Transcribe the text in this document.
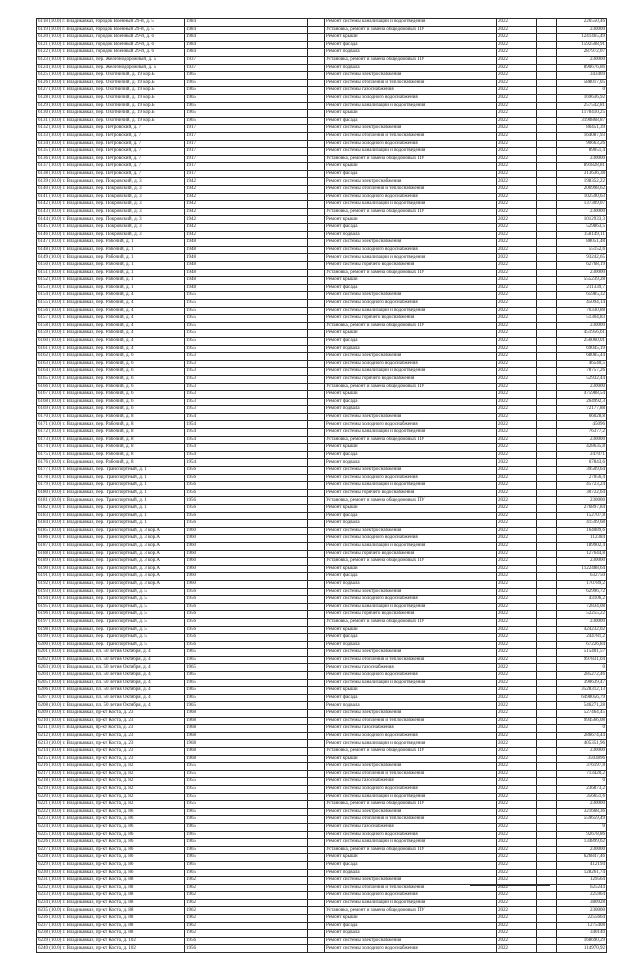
6118 (10.0) г. Владикавказ, городок Военный 29-й, д. 5	1984		Ремонт системы канализации и водоотведения	2022		226550,46
6119 (10.0) г. Владикавказ, городок Военный 29-й, д. 5	1984		Установка, ремонт и замена общедомовых ПУ	2022		230000
6120 (10.0) г. Владикавказ, городок Военный 29-й, д. 6	1984		Ремонт крыши	2022		1241465,49
6121 (10.0) г. Владикавказ, городок Военный 29-й, д. 6	1984		Ремонт фасада	2022		1592508,91
6122 (10.0) г. Владикавказ, городок Военный 29-й, д. 6	1984		Ремонт подвала	2022		287972,07
6123 (10.0) г. Владикавказ, пер. Железнодорожный, д. 5	1937		Установка, ремонт и замена общедомовых ПУ	2022		230000
6124 (10.0) г. Владикавказ, пер. Железнодорожный, д. 5	1937		Ремонт подвала	2022		890676,86
6125 (10.0) г. Владикавказ, пер. Охотничий, д. 19 кор.Б	1965		Ремонт системы электроснабжения	2022		343469
6126 (10.0) г. Владикавказ, пер. Охотничий, д. 19 кор.Б	1965		Ремонт системы отопления и теплоснабжения	2022		588017,05
6127 (10.0) г. Владикавказ, пер. Охотничий, д. 19 кор.Б	1965		Ремонт системы газоснабжения	2022		0
6128 (10.0) г. Владикавказ, пер. Охотничий, д. 19 кор.Б	1965		Ремонт системы холодного водоснабжения	2022		169636,92
6129 (10.0) г. Владикавказ, пер. Охотничий, д. 19 кор.Б	1965		Ремонт системы канализации и водоотведения	2022		257542,81
6130 (10.0) г. Владикавказ, пер. Охотничий, д. 19 кор.Б	1965		Ремонт крыши	2022		1178410,25
6131 (10.0) г. Владикавказ, пер. Охотничий, д. 19 кор.Б	1965		Ремонт фасада	2022		3190868,87
6132 (10.0) г. Владикавказ, пер. Петровский, д. 7	1917		Ремонт системы электроснабжения	2022		86451,39
6133 (10.0) г. Владикавказ, пер. Петровский, д. 7	1917		Ремонт системы отопления и теплоснабжения	2022		164087,93
6134 (10.0) г. Владикавказ, пер. Петровский, д. 7	1917		Ремонт системы холодного водоснабжения	2022		90663,26
6135 (10.0) г. Владикавказ, пер. Петровский, д. 7	1917		Ремонт системы канализации и водоотведения	2022		89051,4
6136 (10.0) г. Владикавказ, пер. Петровский, д. 7	1917		Установка, ремонт и замена общедомовых ПУ	2022		230000
6137 (10.0) г. Владикавказ, пер. Петровский, д. 7	1917		Ремонт крыши	2022		891828,81
6138 (10.0) г. Владикавказ, пер. Петровский, д. 7	1917		Ремонт фасада	2022		313636,38
6139 (10.0) г. Владикавказ, пер. Покровский, д. 3	1942		Ремонт системы электроснабжения	2022		198352,22
6140 (10.0) г. Владикавказ, пер. Покровский, д. 3	1942		Ремонт системы отопления и теплоснабжения	2022		206998,62
6141 (10.0) г. Владикавказ, пер. Покровский, д. 3	1942		Ремонт системы холодного водоснабжения	2022		102590,63
6142 (10.0) г. Владикавказ, пер. Покровский, д. 3	1942		Ремонт системы канализации и водоотведения	2022		137309,07
6143 (10.0) г. Владикавказ, пер. Покровский, д. 3	1942		Установка, ремонт и замена общедомовых ПУ	2022		230000
6144 (10.0) г. Владикавказ, пер. Покровский, д. 3	1942		Ремонт крыши	2022		1012933,3
6145 (10.0) г. Владикавказ, пер. Покровский, д. 3	1942		Ремонт фасада	2022		529863,5
6146 (10.0) г. Владикавказ, пер. Покровский, д. 3	1942		Ремонт подвала	2022		158149,11
6147 (10.0) г. Владикавказ, пер. Рабочий, д. 1	1948		Ремонт системы электроснабжения	2022		88051,48
6148 (10.0) г. Владикавказ, пер. Рабочий, д. 1	1948		Ремонт системы холодного водоснабжения	2022		55152,6
6149 (10.0) г. Владикавказ, пер. Рабочий, д. 1	1948		Ремонт системы канализации и водоотведения	2022		93242,65
6150 (10.0) г. Владикавказ, пер. Рабочий, д. 1	1948		Ремонт системы горячего водоснабжения	2022		62768,19
6151 (10.0) г. Владикавказ, пер. Рабочий, д. 1	1948		Установка, ремонт и замена общедомовых ПУ	2022		230000
6152 (10.0) г. Владикавказ, пер. Рабочий, д. 1	1948		Ремонт крыши	2022		555239,28
6153 (10.0) г. Владикавказ, пер. Рабочий, д. 1	1948		Ремонт фасада	2022		211339,7
6154 (10.0) г. Владикавказ, пер. Рабочий, д. 4	1955		Ремонт системы электроснабжения	2022		65985,32
6155 (10.0) г. Владикавказ, пер. Рабочий, д. 4	1955		Ремонт системы холодного водоснабжения	2022		45094,14
6156 (10.0) г. Владикавказ, пер. Рабочий, д. 4	1955		Ремонт системы канализации и водоотведения	2022		76330,88
6157 (10.0) г. Владикавказ, пер. Рабочий, д. 4	1955		Ремонт системы горячего водоснабжения	2022		51304,83
6158 (10.0) г. Владикавказ, пер. Рабочий, д. 4	1955		Установка, ремонт и замена общедомовых ПУ	2022		230000
6159 (10.0) г. Владикавказ, пер. Рабочий, д. 4	1955		Ремонт крыши	2022		451956,61
6160 (10.0) г. Владикавказ, пер. Рабочий, д. 4	1955		Ремонт фасада	2022		256060,01
6161 (10.0) г. Владикавказ, пер. Рабочий, д. 4	1955		Ремонт подвала	2022		69045,19
6162 (10.0) г. Владикавказ, пер. Рабочий, д. 6	1953		Ремонт системы электроснабжения	2022		68085,44
6163 (10.0) г. Владикавказ, пер. Рабочий, д. 6	1953		Ремонт системы холодного водоснабжения	2022		46540,5
6164 (10.0) г. Владикавказ, пер. Рабочий, д. 6	1953		Ремонт системы канализации и водоотведения	2022		78757,26
6165 (10.0) г. Владикавказ, пер. Рабочий, д. 6	1953		Ремонт системы горячего водоснабжения	2022		52932,44
6166 (10.0) г. Владикавказ, пер. Рабочий, д. 6	1953		Установка, ремонт и замена общедомовых ПУ	2022		230000
6167 (10.0) г. Владикавказ, пер. Рабочий, д. 6	1953		Ремонт крыши	2022		475988,54
6168 (10.0) г. Владикавказ, пер. Рабочий, д. 6	1953		Ремонт фасада	2022		264992,3
6169 (10.0) г. Владикавказ, пер. Рабочий, д. 6	1953		Ремонт подвала	2022		72177,88
6170 (10.0) г. Владикавказ, пер. Рабочий, д. 8	1954		Ремонт системы электроснабжения	2022		66028,8
6171 (10.0) г. Владикавказ, пер. Рабочий, д. 8	1954		Ремонт системы холодного водоснабжения	2022		45096
6172 (10.0) г. Владикавказ, пер. Рабочий, д. 8	1954		Ремонт системы канализации и водоотведения	2022		76377,2
6173 (10.0) г. Владикавказ, пер. Рабочий, д. 8	1954		Установка, ремонт и замена общедомовых ПУ	2022		230000
6174 (10.0) г. Владикавказ, пер. Рабочий, д. 8	1954		Ремонт крыши	2022		428635,8
6175 (10.0) г. Владикавказ, пер. Рабочий, д. 8	1954		Ремонт фасада	2022		247071
6176 (10.0) г. Владикавказ, пер. Рабочий, д. 8	1954		Ремонт подвала	2022		67843,6
6177 (10.0) г. Владикавказ, пер. Транспортный, д. 1	1956		Ремонт системы электроснабжения	2022		39509,64
6178 (10.0) г. Владикавказ, пер. Транспортный, д. 1	1956		Ремонт системы холодного водоснабжения	2022		27056,4
6179 (10.0) г. Владикавказ, пер. Транспортный, д. 1	1956		Ремонт системы канализации и водоотведения	2022		45723,24
6180 (10.0) г. Владикавказ, пер. Транспортный, д. 1	1956		Ремонт системы горячего водоснабжения	2022		30722,64
6181 (10.0) г. Владикавказ, пер. Транспортный, д. 1	1956		Установка, ремонт и замена общедомовых ПУ	2022		230000
6182 (10.0) г. Владикавказ, пер. Транспортный, д. 1	1956		Ремонт крыши	2022		276897,84
6183 (10.0) г. Владикавказ, пер. Транспортный, д. 1	1956		Ремонт фасада	2022		152707,8
6184 (10.0) г. Владикавказ, пер. Транспортный, д. 1	1956		Ремонт подвала	2022		41599,68
6185 (10.0) г. Владикавказ, пер. Транспортный, д. 3 кор.А	1960		Ремонт системы электроснабжения	2022		164089,6
6186 (10.0) г. Владикавказ, пер. Транспортный, д. 3 кор.А	1960		Ремонт системы холодного водоснабжения	2022		112384
6187 (10.0) г. Владикавказ, пер. Транспортный, д. 3 кор.А	1960		Ремонт системы канализации и водоотведения	2022		189902,4
6188 (10.0) г. Владикавказ, пер. Транспортный, д. 3 кор.А	1960		Ремонт системы горячего водоснабжения	2022		127644,8
6189 (10.0) г. Владикавказ, пер. Транспортный, д. 3 кор.А	1960		Установка, ремонт и замена общедомовых ПУ	2022		230000
6190 (10.0) г. Владикавказ, пер. Транспортный, д. 3 кор.А	1960		Ремонт крыши	2022		1122488,64
6191 (10.0) г. Владикавказ, пер. Транспортный, д. 3 кор.А	1960		Ремонт фасада	2022		632750
6192 (10.0) г. Владикавказ, пер. Транспортный, д. 3 кор.А	1960		Ремонт подвала	2022		170789,2
6193 (10.0) г. Владикавказ, пер. Транспортный, д. 5	1956		Ремонт системы электроснабжения	2022		62996,72
6194 (10.0) г. Владикавказ, пер. Транспортный, д. 5	1956		Ремонт системы холодного водоснабжения	2022		43106,2
6195 (10.0) г. Владикавказ, пер. Транспортный, д. 5	1956		Ремонт системы канализации и водоотведения	2022		72834,08
6196 (10.0) г. Владикавказ, пер. Транспортный, д. 5	1956		Ремонт системы горячего водоснабжения	2022		52255,22
6197 (10.0) г. Владикавказ, пер. Транспортный, д. 5	1956		Установка, ремонт и замена общедомовых ПУ	2022		230000
6198 (10.0) г. Владикавказ, пер. Транспортный, д. 5	1956		Ремонт крыши	2022		424232,02
6199 (10.0) г. Владикавказ, пер. Транспортный, д. 5	1956		Ремонт фасада	2022		244781,2
6200 (10.0) г. Владикавказ, пер. Транспортный, д. 5	1956		Ремонт подвала	2022		67226,84
6201 (10.0) г. Владикавказ, пл. 50 летия Октября, д. 4	1965		Ремонт системы электроснабжения	2022		515401,57
6202 (10.0) г. Владикавказ, пл. 50 летия Октября, д. 4	1965		Ремонт системы отопления и теплоснабжения	2022		997831,04
6203 (10.0) г. Владикавказ, пл. 50 летия Октября, д. 4	1965		Ремонт системы газоснабжения	2022		0
6204 (10.0) г. Владикавказ, пл. 50 летия Октября, д. 4	1965		Ремонт системы холодного водоснабжения	2022		285272,46
6205 (10.0) г. Владикавказ, пл. 50 летия Октября, д. 4	1965		Ремонт системы канализации и водоотведения	2022		390639,47
6206 (10.0) г. Владикавказ, пл. 50 летия Октября, д. 4	1965		Ремонт крыши	2022		3528312,13
6207 (10.0) г. Владикавказ, пл. 50 летия Октября, д. 4	1965		Ремонт фасада	2022		6498056,79
6208 (10.0) г. Владикавказ, пл. 50 летия Октября, д. 4	1965		Ремонт подвала	2022		546271,28
6209 (10.0) г. Владикавказ, пр-кт Коста, д. 23	1968		Ремонт системы электроснабжения	2022		527464,45
6210 (10.0) г. Владикавказ, пр-кт Коста, д. 23	1968		Ремонт системы отопления и теплоснабжения	2022		994566,08
6211 (10.0) г. Владикавказ, пр-кт Коста, д. 23	1968		Ремонт системы газоснабжения	2022		0
6212 (10.0) г. Владикавказ, пр-кт Коста, д. 23	1968		Ремонт системы холодного водоснабжения	2022		286674,44
6213 (10.0) г. Владикавказ, пр-кт Коста, д. 23	1968		Ремонт системы канализации и водоотведения	2022		405351,96
6214 (10.0) г. Владикавказ, пр-кт Коста, д. 23	1968		Установка, ремонт и замена общедомовых ПУ	2022		230000
6215 (10.0) г. Владикавказ, пр-кт Коста, д. 23	1968		Ремонт крыши	2022		3503896
6216 (10.0) г. Владикавказ, пр-кт Коста, д. 82	1955		Ремонт системы электроснабжения	2022		376197,8
6217 (10.0) г. Владикавказ, пр-кт Коста, д. 82	1955		Ремонт системы отопления и теплоснабжения	2022		713420,2
6218 (10.0) г. Владикавказ, пр-кт Коста, д. 82	1955		Ремонт системы газоснабжения	2022		0
6219 (10.0) г. Владикавказ, пр-кт Коста, д. 82	1955		Ремонт системы холодного водоснабжения	2022		236873,2
6220 (10.0) г. Владикавказ, пр-кт Коста, д. 82	1955		Ремонт системы канализации и водоотведения	2022		356651,6
6221 (10.0) г. Владикавказ, пр-кт Коста, д. 82	1955		Установка, ремонт и замена общедомовых ПУ	2022		230000
6222 (10.0) г. Владикавказ, пр-кт Коста, д. 86	1965		Ремонт системы электроснабжения	2022		321668,36
6223 (10.0) г. Владикавказ, пр-кт Коста, д. 86	1965		Ремонт системы отопления и теплоснабжения	2022		559659,49
6224 (10.0) г. Владикавказ, пр-кт Коста, д. 86	1965		Ремонт системы газоснабжения	2022		0
6225 (10.0) г. Владикавказ, пр-кт Коста, д. 86	1965		Ремонт системы холодного водоснабжения	2022		92678,86
6226 (10.0) г. Владикавказ, пр-кт Коста, д. 86	1965		Ремонт системы канализации и водоотведения	2022		134899,62
6227 (10.0) г. Владикавказ, пр-кт Коста, д. 86	1965		Установка, ремонт и замена общедомовых ПУ	2022		230000
6228 (10.0) г. Владикавказ, пр-кт Коста, д. 86	1965		Ремонт крыши	2022		626847,46
6229 (10.0) г. Владикавказ, пр-кт Коста, д. 86	1965		Ремонт фасада	2022		412194
6230 (10.0) г. Владикавказ, пр-кт Коста, д. 86	1965		Ремонт подвала	2022		128261,74
6231 (10.0) г. Владикавказ, пр-кт Коста, д. 88	1962		Ремонт системы электроснабжения	2022		129564
6232 (10.0) г. Владикавказ, пр-кт Коста, д. 88	1962		Ремонт системы отопления и теплоснабжения	2022		625244
6233 (10.0) г. Владикавказ, пр-кт Коста, д. 88	1962		Ремонт системы холодного водоснабжения	2022		225964
6234 (10.0) г. Владикавказ, пр-кт Коста, д. 88	1962		Ремонт системы канализации и водоотведения	2022		380928
6235 (10.0) г. Владикавказ, пр-кт Коста, д. 88	1962		Установка, ремонт и замена общедомовых ПУ	2022		230000
6236 (10.0) г. Владикавказ, пр-кт Коста, д. 88	1962		Ремонт крыши	2022		2255664
6237 (10.0) г. Владикавказ, пр-кт Коста, д. 88	1962		Ремонт фасада	2022		1275408
6238 (10.0) г. Владикавказ, пр-кт Коста, д. 88	1962		Ремонт подвала	2022		340140
6239 (10.0) г. Владикавказ, пр-кт Коста, д. 102	1956		Ремонт системы электроснабжения	2022		168690,29
6240 (10.0) г. Владикавказ, пр-кт Коста, д. 102	1956		Ремонт системы холодного водоснабжения	2022		114970,92
